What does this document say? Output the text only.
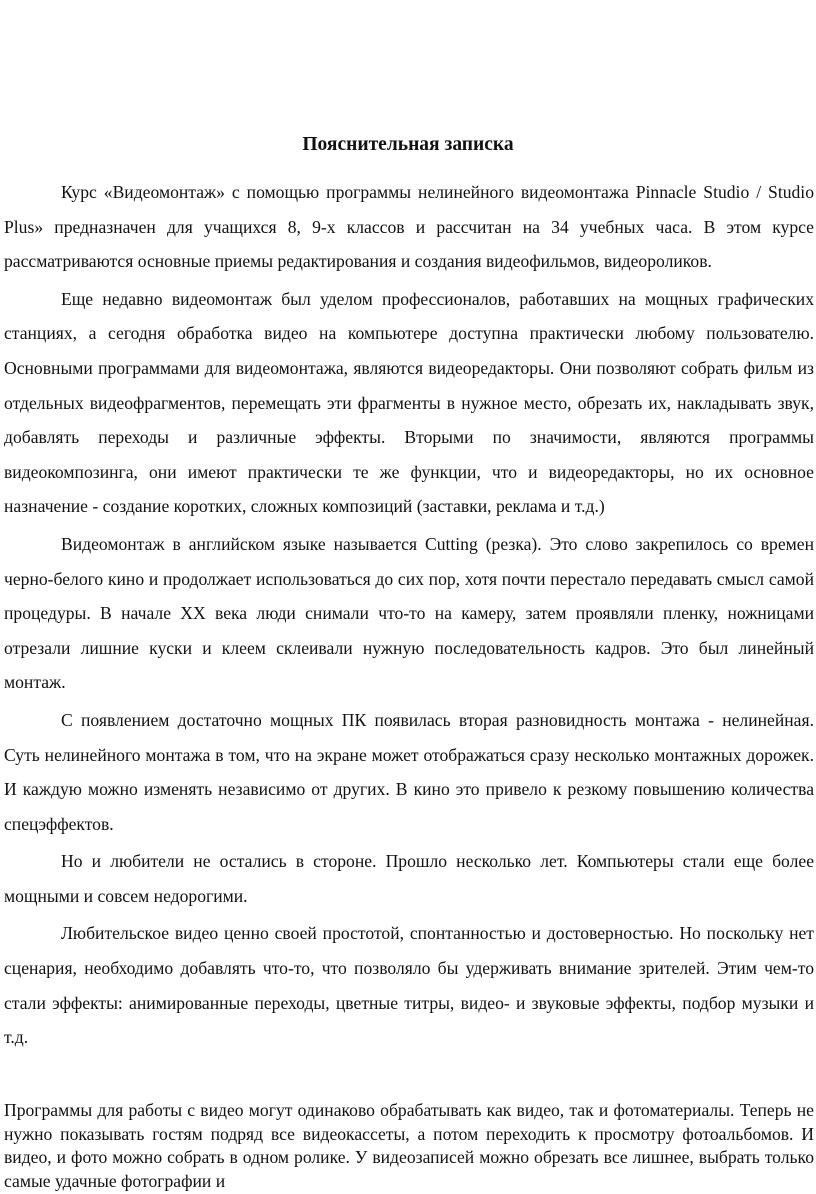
Пояснительная записка

Курс «Видеомонтаж» с помощью программы нелинейного видеомонтажа Pinnacle Studio / Studio Plus» предназначен для учащихся 8, 9-х классов и рассчитан на 34 учебных часа. В этом курсе рассматриваются основные приемы редактирования и создания видеофильмов, видеороликов.

Еще недавно видеомонтаж был уделом профессионалов, работавших на мощных графических станциях, а сегодня обработка видео на компьютере доступна практически любому пользователю. Основными программами для видеомонтажа, являются видеоредакторы. Они позволяют собрать фильм из отдельных видеофрагментов, перемещать эти фрагменты в нужное место, обрезать их, накладывать звук, добавлять переходы и различные эффекты. Вторыми по значимости, являются программы видеокомпозинга, они имеют практически те же функции, что и видеоредакторы, но их основное назначение - создание коротких, сложных композиций (заставки, реклама и т.д.)

Видеомонтаж в английском языке называется Cutting (резка). Это слово закрепилось со времен черно-белого кино и продолжает использоваться до сих пор, хотя почти перестало передавать смысл самой процедуры. В начале XX века люди снимали что-то на камеру, затем проявляли пленку, ножницами отрезали лишние куски и клеем склеивали нужную последовательность кадров. Это был линейный монтаж.

С появлением достаточно мощных ПК появилась вторая разновидность монтажа - нелинейная. Суть нелинейного монтажа в том, что на экране может отображаться сразу несколько монтажных дорожек. И каждую можно изменять независимо от других. В кино это привело к резкому повышению количества спецэффектов.

Но и любители не остались в стороне. Прошло несколько лет. Компьютеры стали еще более мощными и совсем недорогими.

Любительское видео ценно своей простотой, спонтанностью и достоверностью. Но поскольку нет сценария, необходимо добавлять что-то, что позволяло бы удерживать внимание зрителей. Этим чем-то стали эффекты: анимированные переходы, цветные титры, видео- и звуковые эффекты, подбор музыки и т.д.

Программы для работы с видео могут одинаково обрабатывать как видео, так и фотоматериалы. Теперь не нужно показывать гостям подряд все видеокассеты, а потом переходить к просмотру фотоальбомов. И видео, и фото можно собрать в одном ролике. У видеозаписей можно обрезать все лишнее, выбрать только самые удачные фотографии и
